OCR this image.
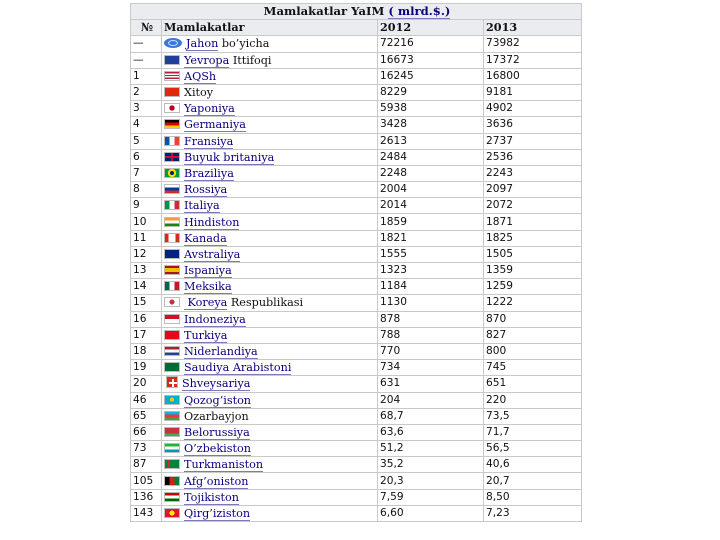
Mamlakatlar YaIM ( mlrd.$.)			
№	Mamlakatlar	2012	2013
—	Jahon bo’yicha	72216	73982
—	Yevropa Ittifoqi	16673	17372
1	AQSh	16245	16800
2	Xitoy	8229	9181
3	Yaponiya	5938	4902
4	Germaniya	3428	3636
5	Fransiya	2613	2737
6	Buyuk britaniya	2484	2536
7	Braziliya	2248	2243
8	Rossiya	2004	2097
9	Italiya	2014	2072
10	Hindiston	1859	1871
11	Kanada	1821	1825
12	Avstraliya	1555	1505
13	Ispaniya	1323	1359
14	Meksika	1184	1259
15	Koreya Respublikasi	1130	1222
16	Indoneziya	878	870
17	Turkiya	788	827
18	Niderlandiya	770	800
19	Saudiya Arabistoni	734	745
20	Shveysariya	631	651
46	Qozog’iston	204	220
65	Ozarbayjon	68,7	73,5
66	Belorussiya	63,6	71,7
73	O’zbekiston	51,2	56,5
87	Turkmaniston	35,2	40,6
105	Afg’oniston	20,3	20,7
136	Tojikiston	7,59	8,50
143	Qirg’iziston	6,60	7,23
